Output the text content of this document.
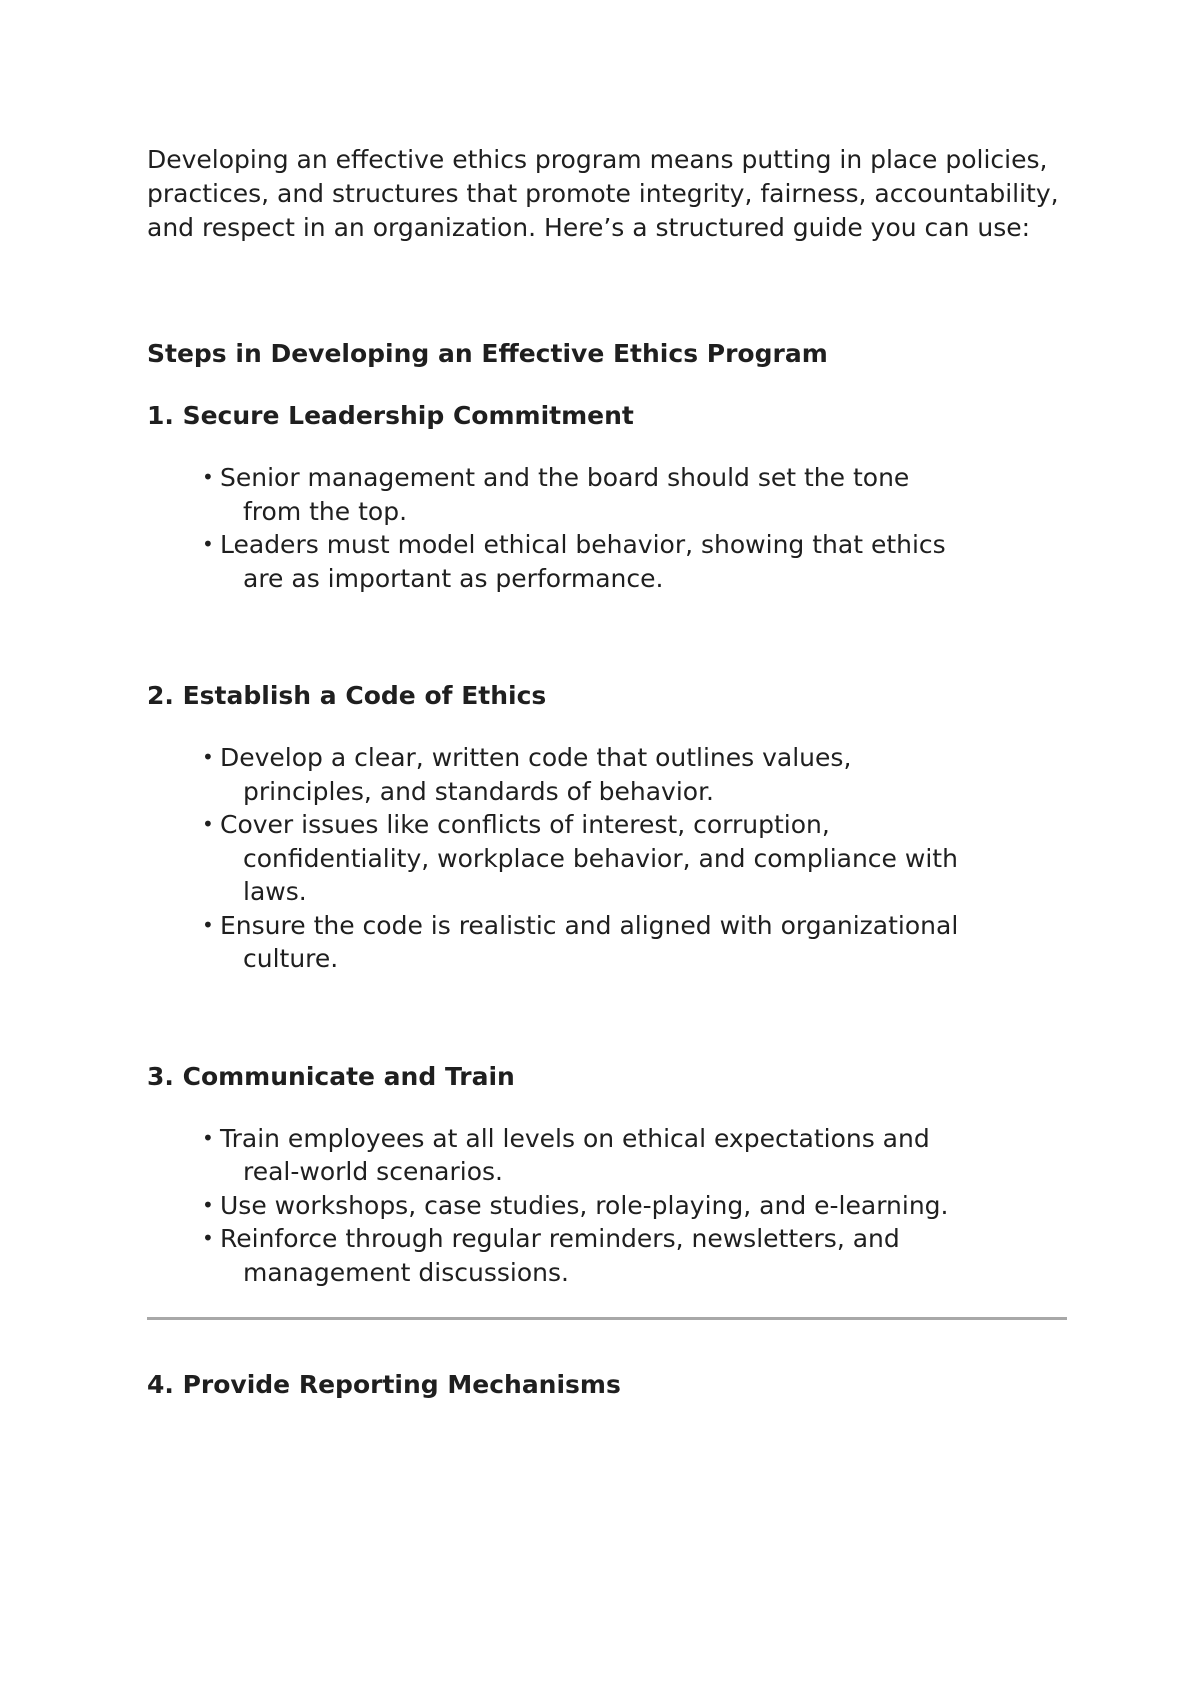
Developing an effective ethics program means putting in place policies, practices, and structures that promote integrity, fairness, accountability, and respect in an organization. Here’s a structured guide you can use:

Steps in Developing an Effective Ethics Program
1. Secure Leadership Commitment
• Senior management and the board should set the tone

from the top.
• Leaders must model ethical behavior, showing that ethics

are as important as performance.
2. Establish a Code of Ethics
• Develop a clear, written code that outlines values,

principles, and standards of behavior.
• Cover issues like conflicts of interest, corruption,

confidentiality, workplace behavior, and compliance with
laws.
• Ensure the code is realistic and aligned with organizational

culture.
3. Communicate and Train
• Train employees at all levels on ethical expectations and

real-world scenarios.
• Use workshops, case studies, role-playing, and e-learning.
• Reinforce through regular reminders, newsletters, and

management discussions.
4. Provide Reporting Mechanisms
